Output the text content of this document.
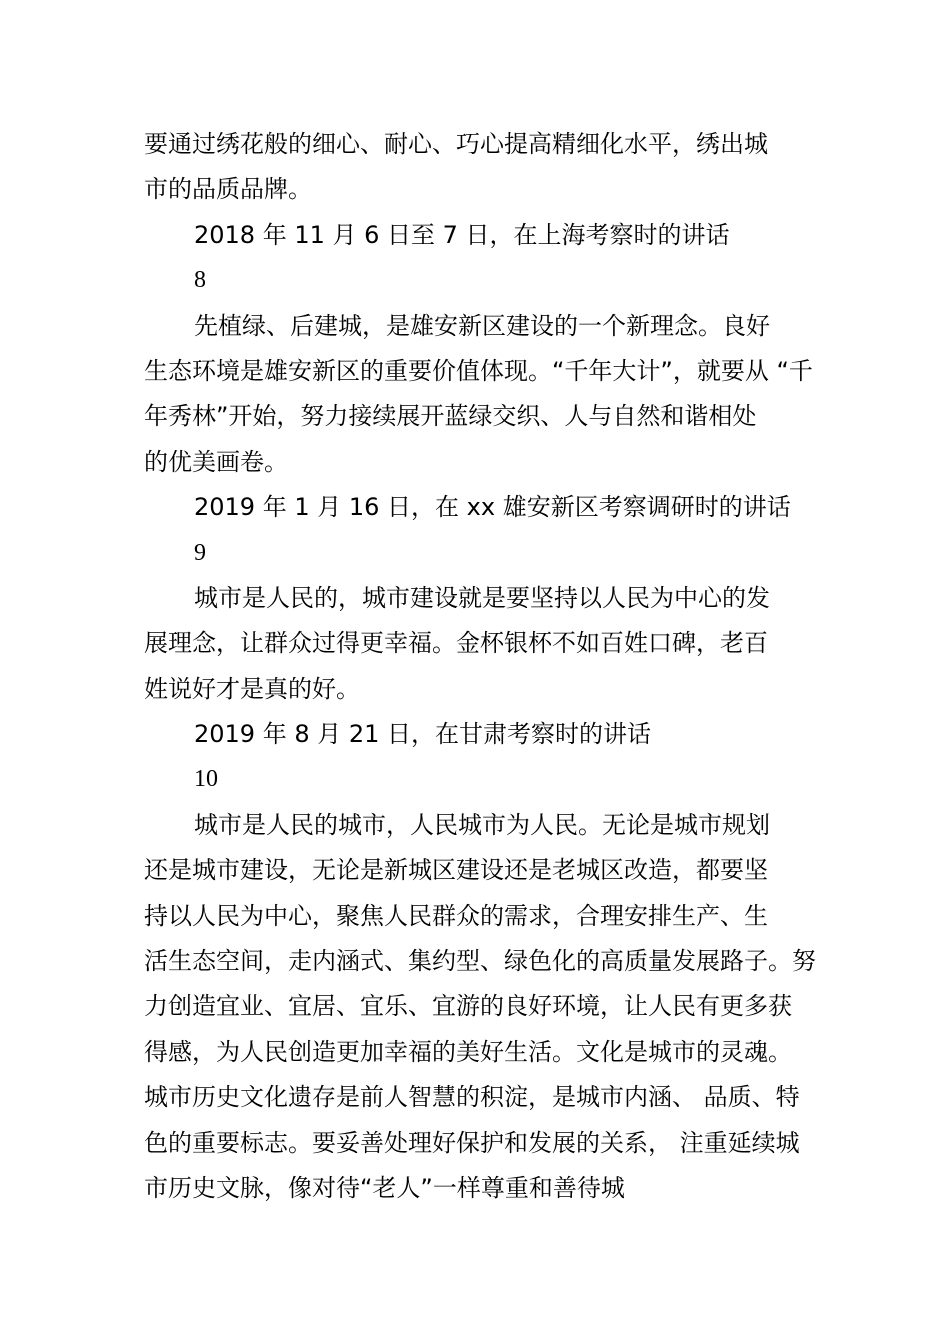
要通过绣花般的细心、耐心、巧心提高精细化水平，绣出城

市的品质品牌。

2018 年 11 月 6 日至 7 日，在上海考察时的讲话

8

先植绿、后建城，是雄安新区建设的一个新理念。良好

生态环境是雄安新区的重要价值体现。“千年大计”，就要从 “千

年秀林”开始，努力接续展开蓝绿交织、人与自然和谐相处

的优美画卷。

2019 年 1 月 16 日，在 xx 雄安新区考察调研时的讲话

9

城市是人民的，城市建设就是要坚持以人民为中心的发

展理念，让群众过得更幸福。金杯银杯不如百姓口碑，老百

姓说好才是真的好。

2019 年 8 月 21 日，在甘肃考察时的讲话

10

城市是人民的城市，人民城市为人民。无论是城市规划

还是城市建设，无论是新城区建设还是老城区改造，都要坚

持以人民为中心，聚焦人民群众的需求，合理安排生产、生

活生态空间，走内涵式、集约型、绿色化的高质量发展路子。努

力创造宜业、宜居、宜乐、宜游的良好环境，让人民有更多获

得感，为人民创造更加幸福的美好生活。文化是城市的灵魂。

城市历史文化遗存是前人智慧的积淀，是城市内涵、 品质、特

色的重要标志。要妥善处理好保护和发展的关系， 注重延续城

市历史文脉，像对待“老人”一样尊重和善待城
